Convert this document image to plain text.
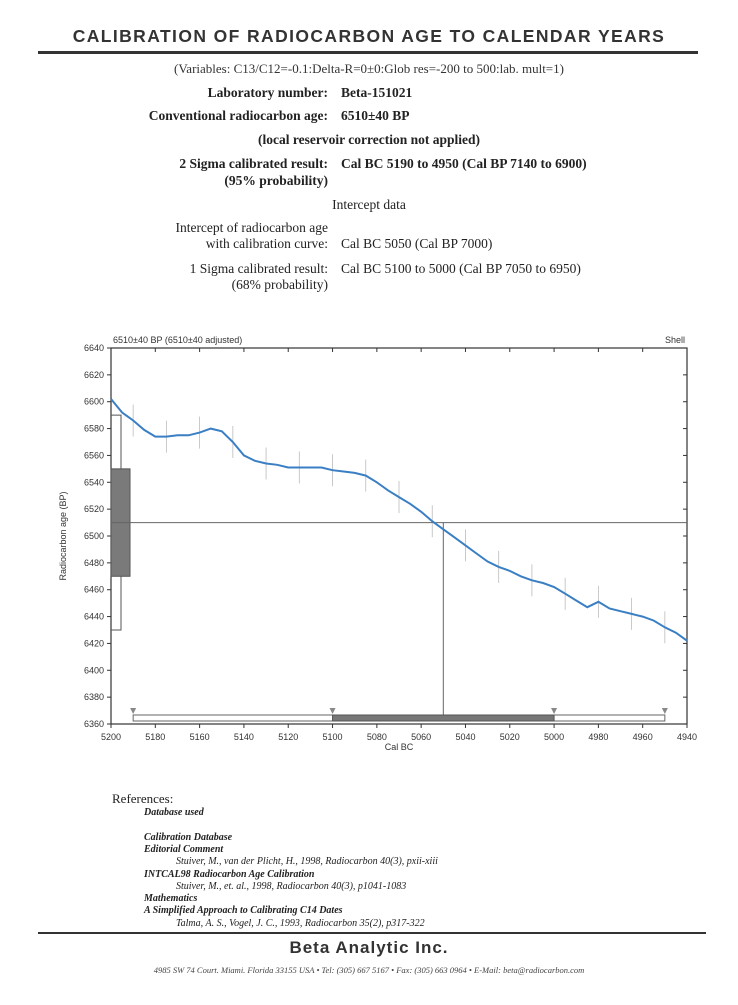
CALIBRATION OF RADIOCARBON AGE TO CALENDAR YEARS
(Variables: C13/C12=-0.1:Delta-R=0±0:Glob res=-200 to 500:lab. mult=1)
Laboratory number: Beta-151021
Conventional radiocarbon age: 6510±40 BP
(local reservoir correction not applied)
2 Sigma calibrated result: Cal BC 5190 to 4950 (Cal BP 7140 to 6900)
(95% probability)
Intercept data
Intercept of radiocarbon age
with calibration curve: Cal BC 5050 (Cal BP 7000)
1 Sigma calibrated result: Cal BC 5100 to 5000 (Cal BP 7050 to 6950)
(68% probability)
6640
6620
6600
6580
6560
6540
6520
6500
6480
6460
6440
6420
6400
6380
6360
5200	5180	5160	5140	5120	5100	5080	5060	5040	5020	5000	4980	4960	4940
6510±40 BP (6510±40 adjusted)	Shell
Cal BC
Radiocarbon age (BP)
References:
Database used
Calibration Database
Editorial Comment
Stuiver, M., van der Plicht, H., 1998, Radiocarbon 40(3), pxii-xiii
INTCAL98 Radiocarbon Age Calibration
Stuiver, M., et. al., 1998, Radiocarbon 40(3), p1041-1083
Mathematics
A Simplified Approach to Calibrating C14 Dates
Talma, A. S., Vogel, J. C., 1993, Radiocarbon 35(2), p317-322
Beta Analytic Inc.
4985 SW 74 Court. Miami. Florida 33155 USA • Tel: (305) 667 5167 • Fax: (305) 663 0964 • E-Mail: beta@radiocarbon.com
